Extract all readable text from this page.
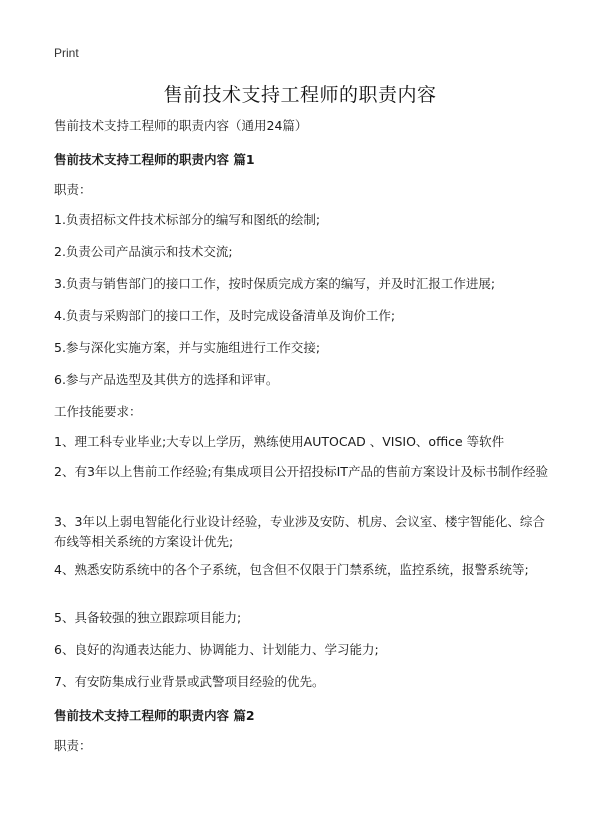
Print
售前技术支持工程师的职责内容
售前技术支持工程师的职责内容（通用24篇）
售前技术支持工程师的职责内容 篇1
职责：
1.负责招标文件技术标部分的编写和图纸的绘制;
2.负责公司产品演示和技术交流;
3.负责与销售部门的接口工作，按时保质完成方案的编写，并及时汇报工作进展;
4.负责与采购部门的接口工作，及时完成设备清单及询价工作;
5.参与深化实施方案，并与实施组进行工作交接;
6.参与产品选型及其供方的选择和评审。
工作技能要求：
1、理工科专业毕业;大专以上学历，熟练使用AUTOCAD 、VISIO、office 等软件
2、有3年以上售前工作经验;有集成项目公开招投标IT产品的售前方案设计及标书制作经验
3、3年以上弱电智能化行业设计经验，专业涉及安防、机房、会议室、楼宇智能化、综合布线等相关系统的方案设计优先;
4、熟悉安防系统中的各个子系统，包含但不仅限于门禁系统，监控系统，报警系统等;
5、具备较强的独立跟踪项目能力;
6、良好的沟通表达能力、协调能力、计划能力、学习能力;
7、有安防集成行业背景或武警项目经验的优先。
售前技术支持工程师的职责内容 篇2
职责：
